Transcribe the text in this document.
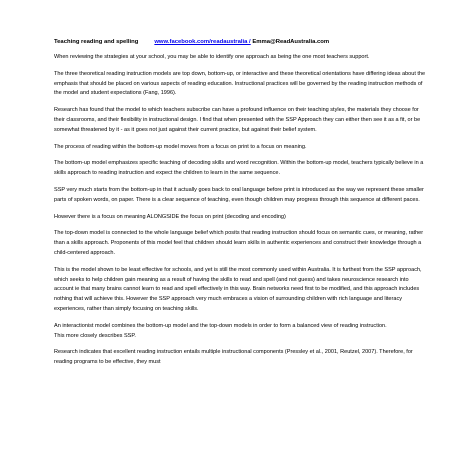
Teaching reading and spelling	www.facebook.com/readaustralia / Emma@ReadAustralia.com

When reviewing the strategies at your school, you may be able to identify one approach as being the one most teachers support.

The three theoretical reading instruction models are top down, bottom-up, or interactive and these theoretical orientations have differing ideas about the emphasis that should be placed on various aspects of reading education. Instructional practices will be governed by the reading instruction methods of the model and student expectations (Fang, 1996).

Research has found that the model to which teachers subscribe can have a profound influence on their teaching styles, the materials they choose for their classrooms, and their flexibility in instructional design. I find that when presented with the SSP Approach they can either then see it as a fit, or be somewhat threatened by it - as it goes not just against their current practice, but against their belief system.

The process of reading within the bottom-up model moves from a focus on print to a focus on meaning.

The bottom-up model emphasizes specific teaching of decoding skills and word recognition. Within the bottom-up model, teachers typically believe in a skills approach to reading instruction and expect the children to learn in the same sequence.

SSP very much starts from the bottom-up in that it actually goes back to oral language before print is introduced as the way we represent these smaller parts of spoken words, on paper. There is a clear sequence of teaching, even though children may progress through this sequence at different paces.

However there is a focus on meaning ALONGSIDE the focus on print (decoding and encoding)

The top-down model is connected to the whole language belief which posits that reading instruction should focus on semantic cues, or meaning, rather than a skills approach. Proponents of this model feel that children should learn skills in authentic experiences and construct their knowledge through a child-centered approach.

This is the model shown to be least effective for schools, and yet is still the most commonly used within Australia. It is furthest from the SSP approach, which seeks to help children gain meaning as a result of having the skills to read and spell (and not guess) and takes neuroscience research into account ie that many brains cannot learn to read and spell effectively in this way. Brain networks need first to be modified, and this approach includes nothing that will achieve this. However the SSP approach very much embraces a vision of surrounding children with rich language and literacy experiences, rather than simply focusing on teaching skills.

An interactionist model combines the bottom-up model and the top-down models in order to form a balanced view of reading instruction.

This more closely describes SSP.

Research indicates that excellent reading instruction entails multiple instructional components (Pressley et al., 2001, Reutzel, 2007). Therefore, for reading programs to be effective, they must
